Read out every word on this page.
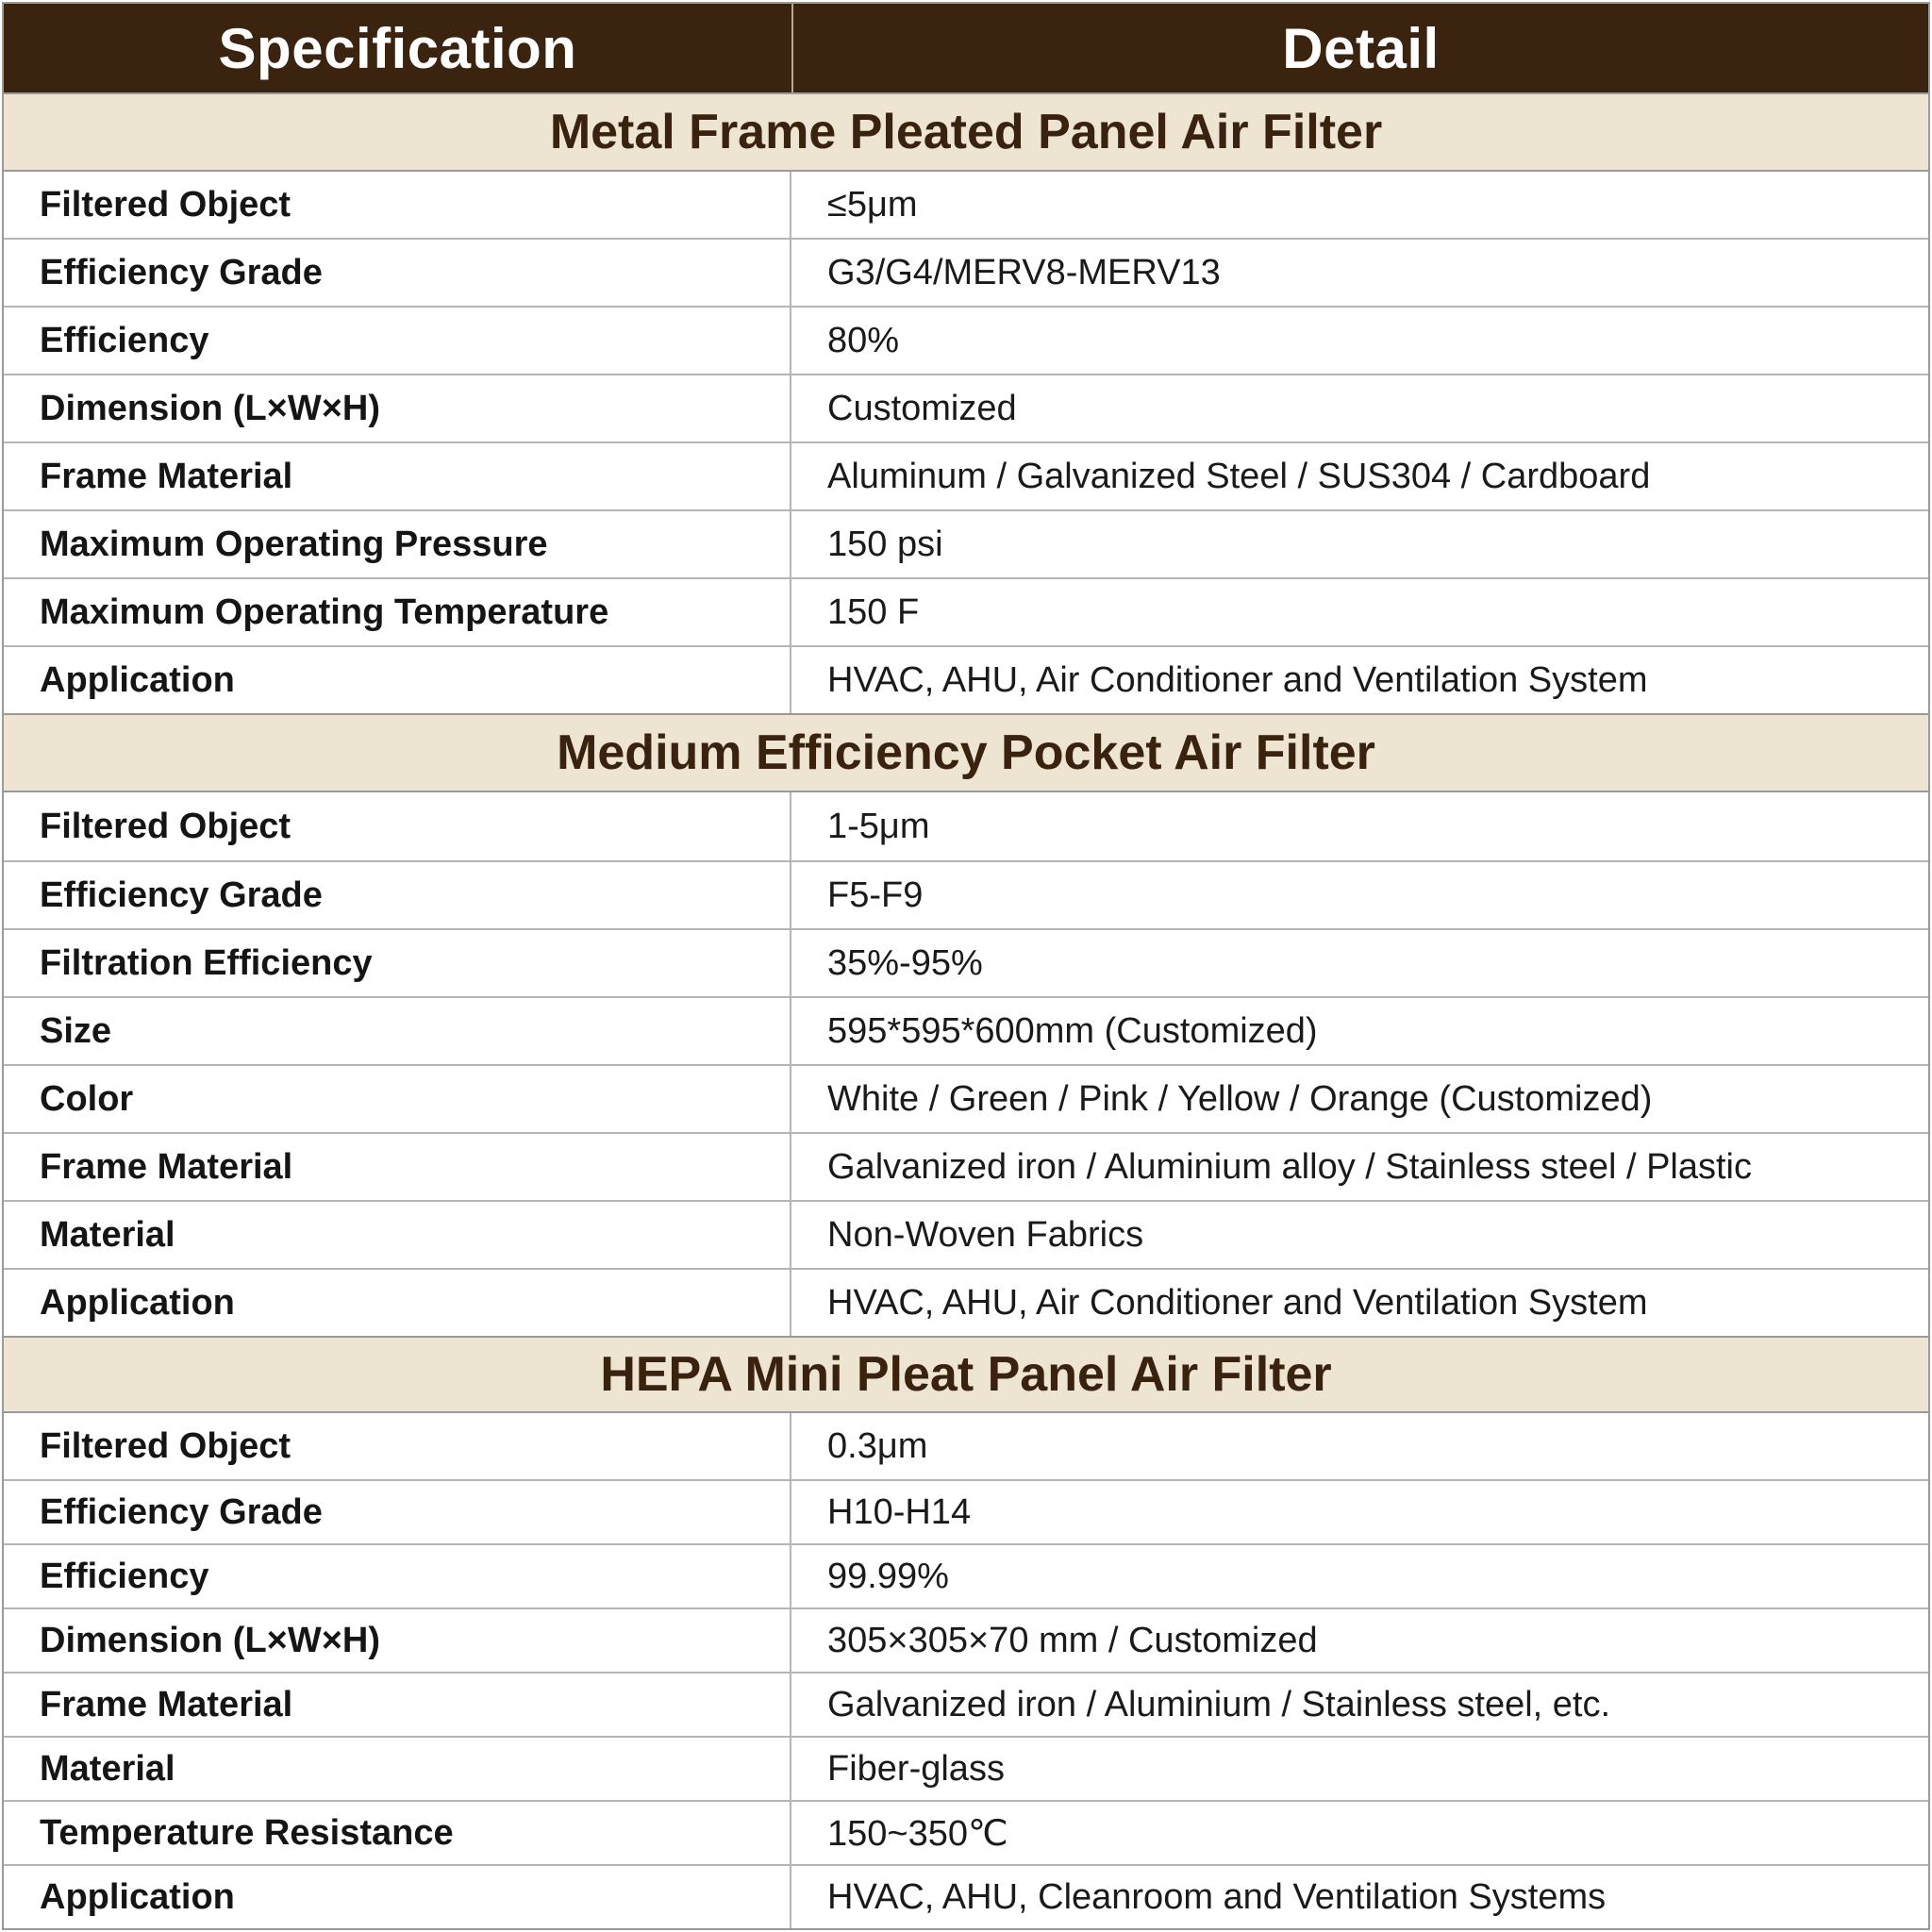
Specification	Detail
Metal Frame Pleated Panel Air Filter
Filtered Object	≤5μm
Efficiency Grade	G3/G4/MERV8-MERV13
Efficiency	80%
Dimension (L×W×H)	Customized
Frame Material	Aluminum / Galvanized Steel / SUS304 / Cardboard
Maximum Operating Pressure	150 psi
Maximum Operating Temperature	150 F
Application	HVAC, AHU, Air Conditioner and Ventilation System
Medium Efficiency Pocket Air Filter
Filtered Object	1-5μm
Efficiency Grade	F5-F9
Filtration Efficiency	35%-95%
Size	595*595*600mm (Customized)
Color	White / Green / Pink / Yellow / Orange (Customized)
Frame Material	Galvanized iron / Aluminium alloy / Stainless steel / Plastic
Material	Non-Woven Fabrics
Application	HVAC, AHU, Air Conditioner and Ventilation System
HEPA Mini Pleat Panel Air Filter
Filtered Object	0.3μm
Efficiency Grade	H10-H14
Efficiency	99.99%
Dimension (L×W×H)	305×305×70 mm / Customized
Frame Material	Galvanized iron / Aluminium / Stainless steel, etc.
Material	Fiber-glass
Temperature Resistance	150~350℃
Application	HVAC, AHU, Cleanroom and Ventilation Systems
